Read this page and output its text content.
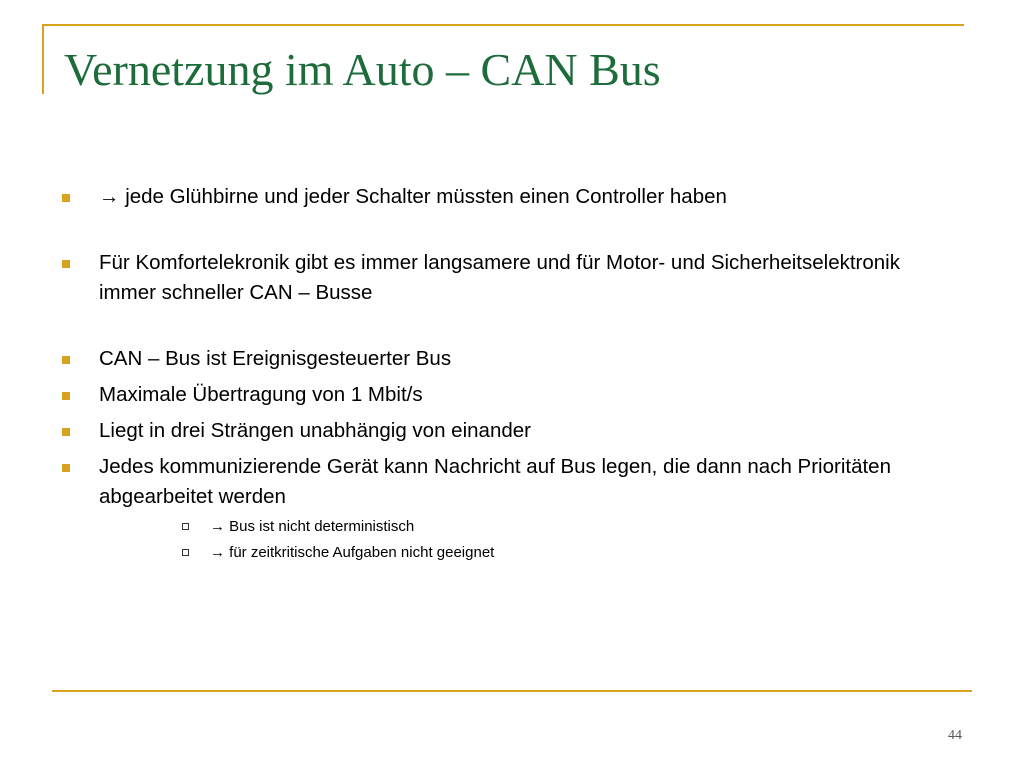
Vernetzung im Auto – CAN Bus
→ jede Glühbirne und jeder Schalter müssten einen Controller haben
Für Komfortelekronik gibt es immer langsamere und für Motor- und Sicherheitselektronik immer schneller CAN – Busse
CAN – Bus ist Ereignisgesteuerter Bus
Maximale Übertragung von 1 Mbit/s
Liegt in drei Strängen unabhängig von einander
Jedes kommunizierende Gerät kann Nachricht auf Bus legen, die dann nach Prioritäten abgearbeitet werden
→ Bus ist nicht deterministisch
→ für zeitkritische Aufgaben nicht geeignet
44
